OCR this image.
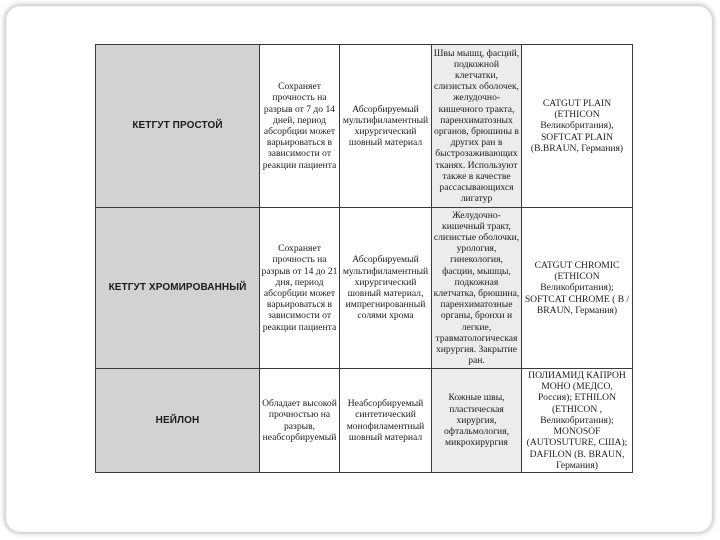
КЕТГУТ ПРОСТОЙ	Сохраняет прочность на разрыв от 7 до 14 дней, период абсорбции может варьироваться в зависимости от реакции пациента	Абсорбируемый мультифиламентный хирургический шовный материал	Швы мышц, фасций, подкожной клетчатки, слизистых оболочек, желудочно-кишечного тракта, паренхиматозных органов, брюшины в других ран в быстрозаживающих тканях. Используют также в качестве рассасывающихся лигатур	CATGUT PLAIN (ETHICON Великобритания), SOFTCAT PLAIN (B.BRAUN, Германия)

КЕТГУТ ХРОМИРОВАННЫЙ	Сохраняет прочность на разрыв от 14 до 21 дня, период абсорбции может варьироваться в зависимости от реакции пациента	Абсорбируемый мультифиламентный хирургический шовный материал, импрегнированный солями хрома	Желудочно-кишечный тракт, слизистые оболочки, урология, гинекология, фасции, мышцы, подкожная клетчатка, брюшина, паренхиматозные органы, бронхи и легкие, травматологическая хирургия. Закрытие ран.	CATGUT CHROMIC (ETHICON Великобритания); SOFTCAT CHROME ( B / BRAUN, Германия)

НЕЙЛОН	Обладает высокой прочностью на разрыв, неабсорбируемый	Неабсорбируемый синтетический монофиламентный шовный материал	Кожные швы, пластическая хирургия, офтальмология, микрохирургия	ПОЛИАМИД КАПРОН МОНО (МЕДСО, Россия); ETHILON (ETHICON , Великобритания); MONOSOF (AUTOSUTURE, США); DAFILON (B. BRAUN, Германия)
